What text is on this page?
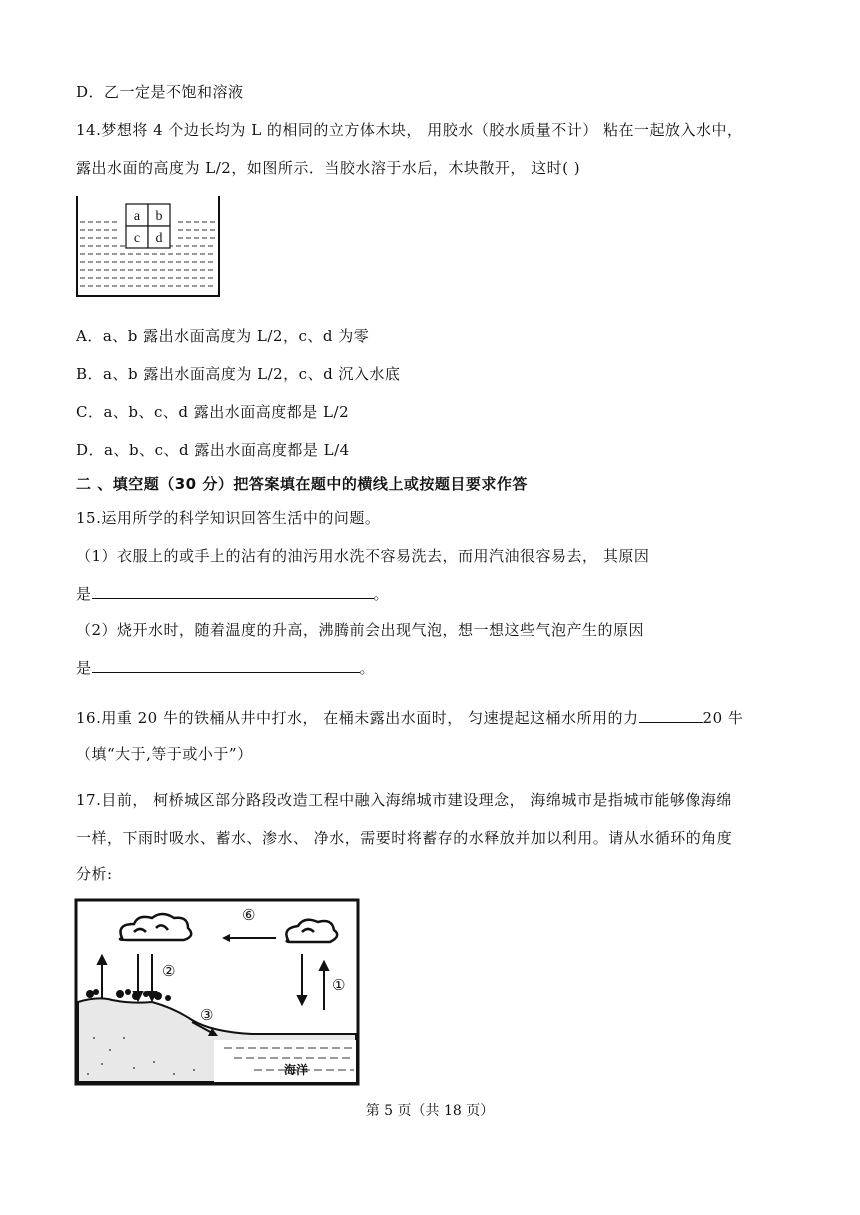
D．乙一定是不饱和溶液
14.梦想将 4 个边长均为 L 的相同的立方体木块， 用胶水（胶水质量不计） 粘在一起放入水中，
露出水面的高度为 L/2，如图所示．当胶水溶于水后，木块散开， 这时( )
a b
c d
A．a、b 露出水面高度为 L/2，c、d 为零
B．a、b 露出水面高度为 L/2，c、d 沉入水底
C．a、b、c、d 露出水面高度都是 L/2
D．a、b、c、d 露出水面高度都是 L/4
二 、填空题（30 分）把答案填在题中的横线上或按题目要求作答
15.运用所学的科学知识回答生活中的问题。
（1）衣服上的或手上的沾有的油污用水洗不容易洗去，而用汽油很容易去， 其原因
是	。
（2）烧开水时，随着温度的升高，沸腾前会出现气泡，想一想这些气泡产生的原因
是	。
16.用重 20 牛的铁桶从井中打水， 在桶未露出水面时， 匀速提起这桶水所用的力	20 牛
（填“大于,等于或小于”）
17.目前， 柯桥城区部分路段改造工程中融入海绵城市建设理念， 海绵城市是指城市能够像海绵
一样，下雨时吸水、蓄水、渗水、 净水，需要时将蓄存的水释放并加以利用。请从水循环的角度
分析:
⑥
②
①
③
海洋
第 5 页（共 18 页）
